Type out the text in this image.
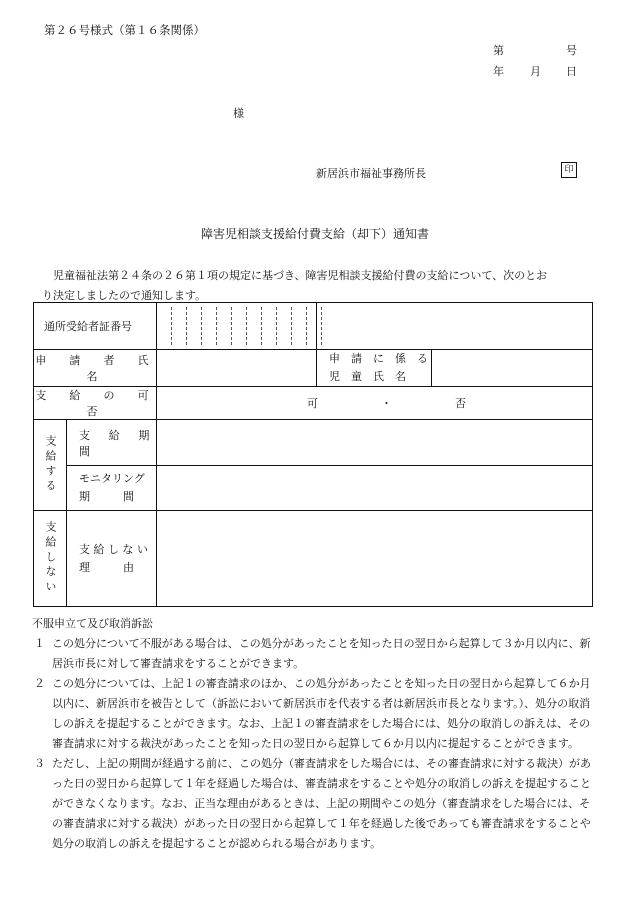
第２６号様式（第１６条関係）
第	号
年 月 日
様
新居浜市福祉事務所長	印
障害児相談支援給付費支給（却下）通知書
児童福祉法第２４条の２６第１項の規定に基づき、障害児相談支援給付費の支給について、次のとお
り決定しましたので通知します。
通所受給者証番号			

申　請　者　氏　名			申　請　に　係　る
児　童　氏　名	

支　給　の　可　否		可 ・ 否		

支給する	支　給　期　間			

	モニタリング
期　　　間			

支給しない	支 給 し な い
理　　　由			

不服申立て及び取消訴訟
１ この処分について不服がある場合は、この処分があったことを知った日の翌日から起算して３か月以内に、新居浜市長に対して審査請求をすることができます。
２ この処分については、上記１の審査請求のほか、この処分があったことを知った日の翌日から起算して６か月以内に、新居浜市を被告として（訴訟において新居浜市を代表する者は新居浜市長となります。）、処分の取消しの訴えを提起することができます。なお、上記１の審査請求をした場合には、処分の取消しの訴えは、その審査請求に対する裁決があったことを知った日の翌日から起算して６か月以内に提起することができます。
３ ただし、上記の期間が経過する前に、この処分（審査請求をした場合には、その審査請求に対する裁決）があった日の翌日から起算して１年を経過した場合は、審査請求をすることや処分の取消しの訴えを提起することができなくなります。なお、正当な理由があるときは、上記の期間やこの処分（審査請求をした場合には、その審査請求に対する裁決）があった日の翌日から起算して１年を経過した後であっても審査請求をすることや処分の取消しの訴えを提起することが認められる場合があります。
